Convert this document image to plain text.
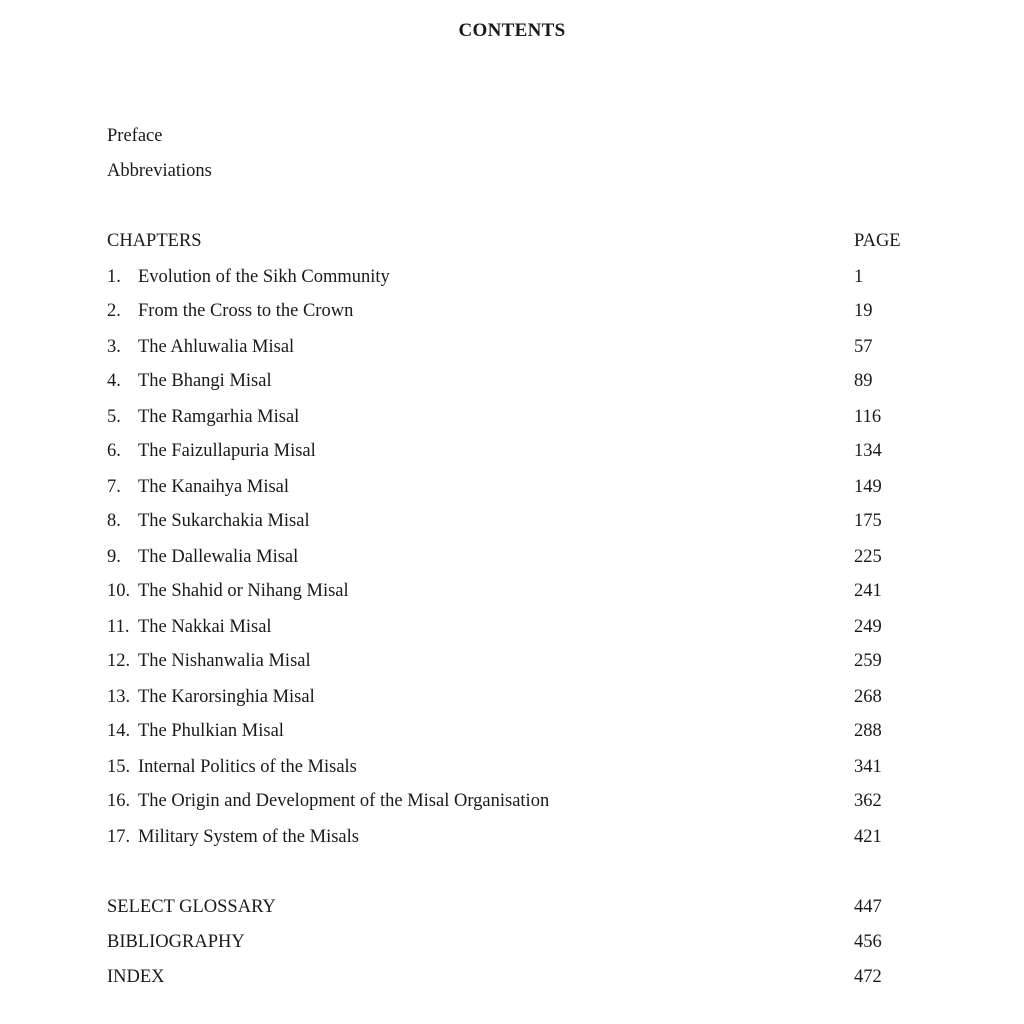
CONTENTS
Preface
Abbreviations
CHAPTERS	PAGE
1. Evolution of the Sikh Community	1
2. From the Cross to the Crown	19
3. The Ahluwalia Misal	57
4. The Bhangi Misal	89
5. The Ramgarhia Misal	116
6. The Faizullapuria Misal	134
7. The Kanaihya Misal	149
8. The Sukarchakia Misal	175
9. The Dallewalia Misal	225
10. The Shahid or Nihang Misal	241
11. The Nakkai Misal	249
12. The Nishanwalia Misal	259
13. The Karorsinghia Misal	268
14. The Phulkian Misal	288
15. Internal Politics of the Misals	341
16. The Origin and Development of the Misal Organisation	362
17. Military System of the Misals	421
SELECT GLOSSARY	447
BIBLIOGRAPHY	456
INDEX	472
